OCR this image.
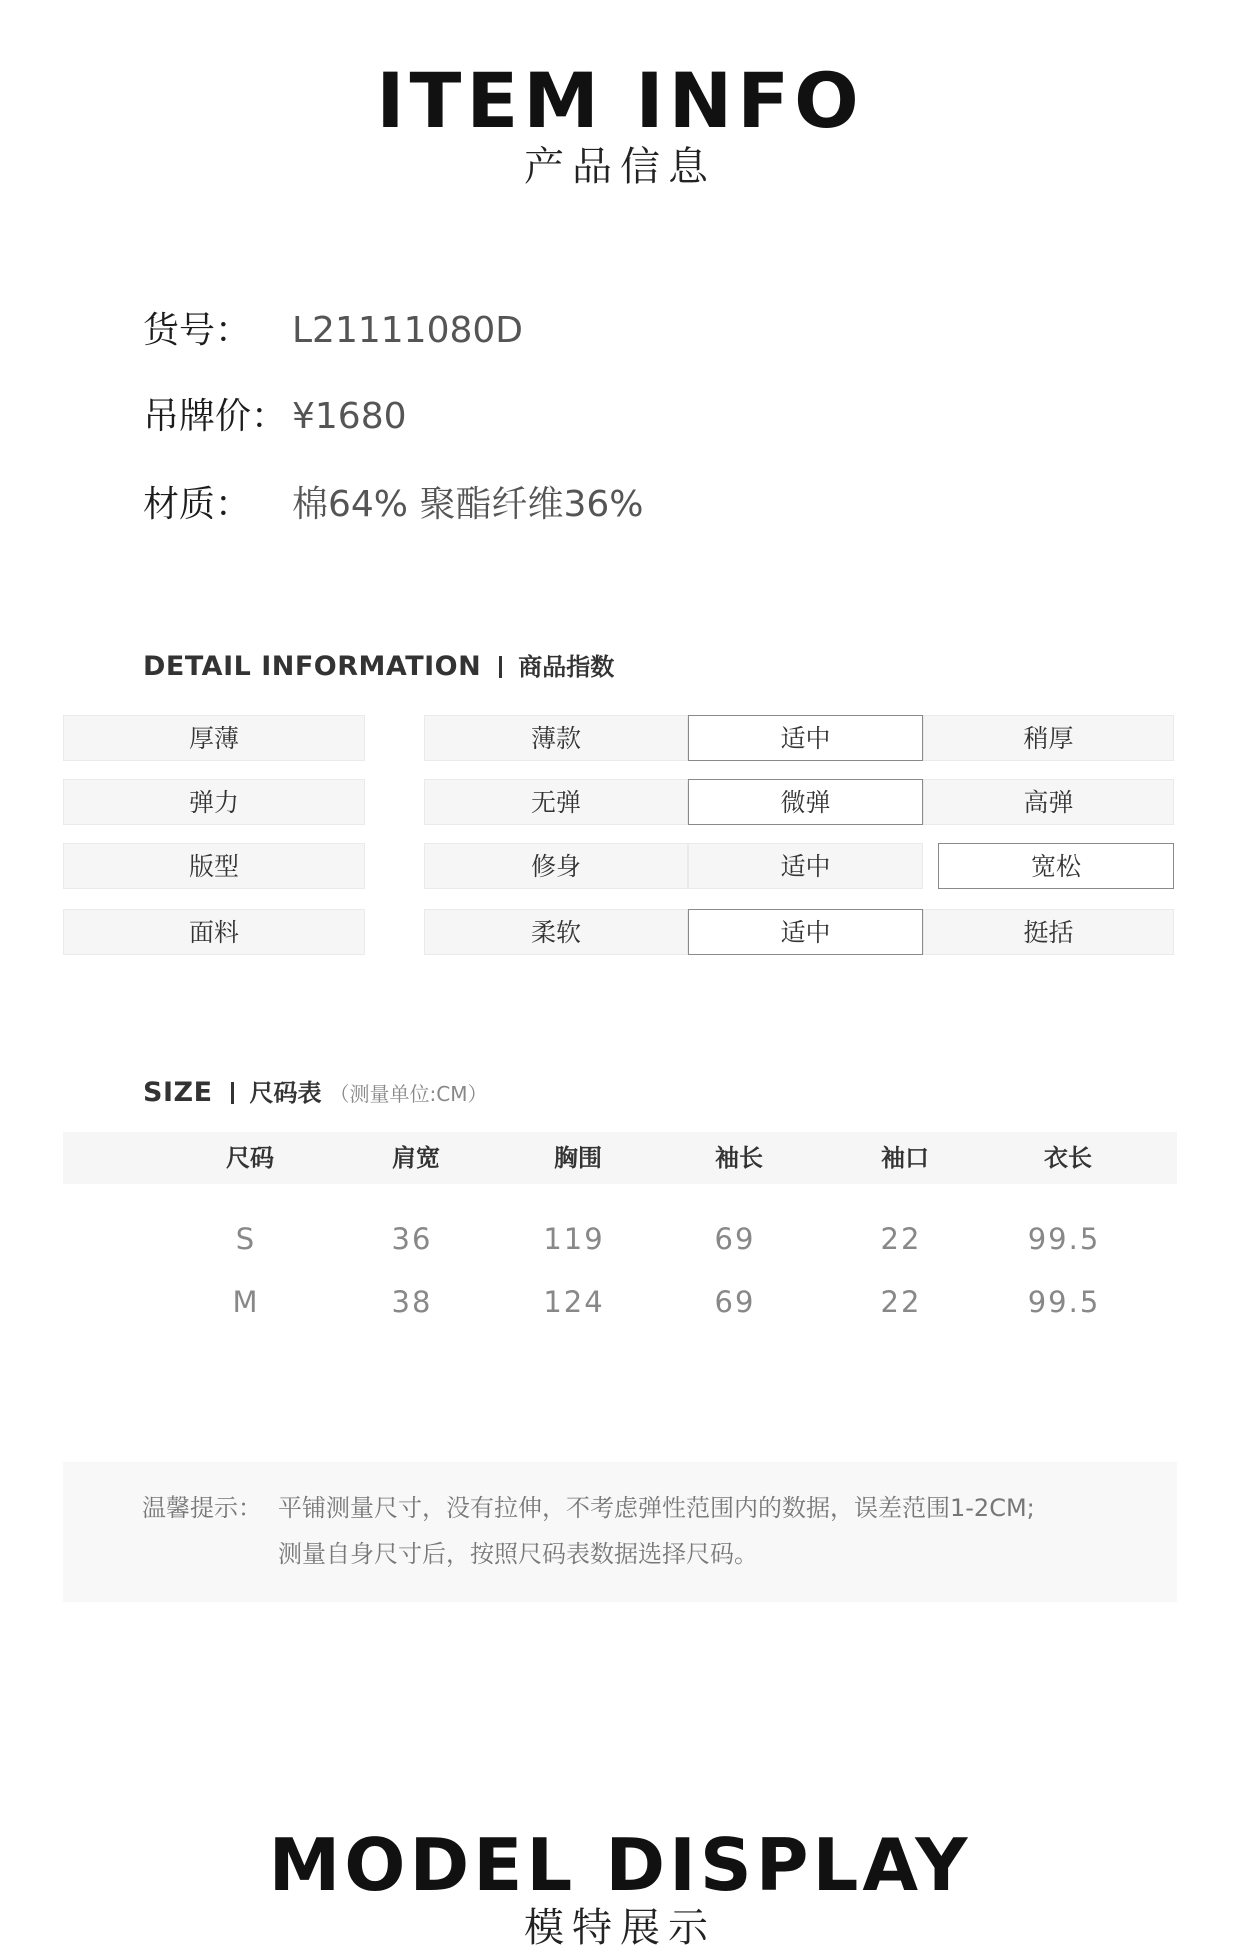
ITEM INFO
产品信息
货号： L21111080D
吊牌价： ¥1680
材质： 棉64% 聚酯纤维36%
DETAIL INFORMATION 商品指数
厚薄	薄款	适中	稍厚
弹力	无弹	微弹	高弹
版型	修身	适中	宽松
面料	柔软	适中	挺括
SIZE 尺码表 （测量单位:CM）
尺码	肩宽	胸围	袖长	袖口	衣长
S	36	119	69	22	99.5
M	38	124	69	22	99.5
温馨提示： 平铺测量尺寸，没有拉伸，不考虑弹性范围内的数据，误差范围1-2CM;
测量自身尺寸后，按照尺码表数据选择尺码。
MODEL DISPLAY
模特展示
